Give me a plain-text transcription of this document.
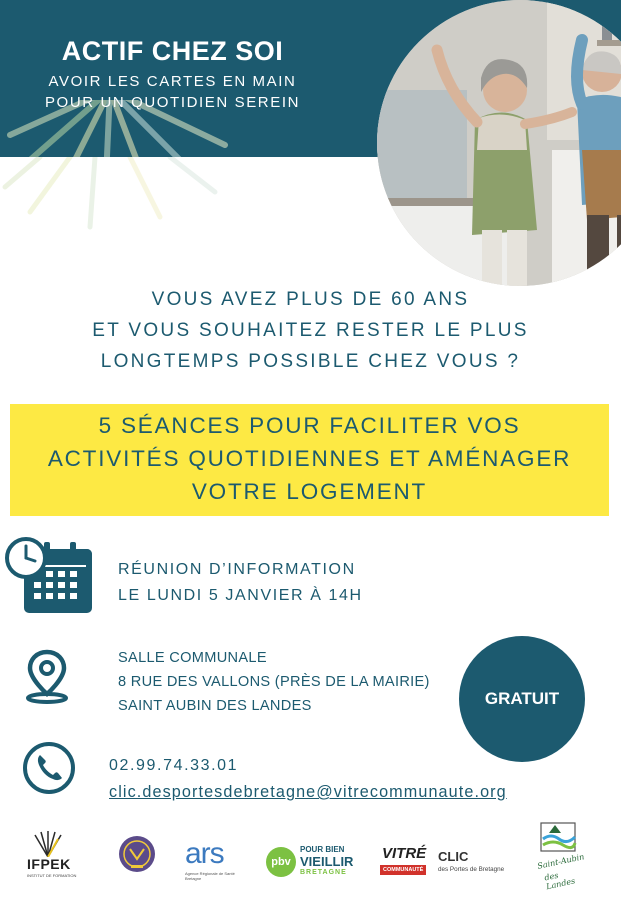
ACTIF CHEZ SOI
AVOIR LES CARTES EN MAIN
POUR UN QUOTIDIEN SEREIN
VOUS AVEZ PLUS DE 60 ANS
ET VOUS SOUHAITEZ RESTER LE PLUS
LONGTEMPS POSSIBLE CHEZ VOUS ?
5 SÉANCES POUR FACILITER VOS
ACTIVITÉS QUOTIDIENNES ET AMÉNAGER
VOTRE LOGEMENT
RÉUNION D’INFORMATION
LE LUNDI 5 JANVIER À 14H
SALLE COMMUNALE
8 RUE DES VALLONS (PRÈS DE LA MAIRIE)
SAINT AUBIN DES LANDES	GRATUIT
02.99.74.33.01
clic.desportesdebretagne@vitrecommunaute.org
IFPEK
INSTITUT DE FORMATION
ars
Agence Régionale de Santé Bretagne
pbv
POUR BIEN
VIEILLIR
BRETAGNE
VITRÉ
COMMUNAUTÉ
CLIC
des Portes de Bretagne	Saint-Aubin
des Landes
